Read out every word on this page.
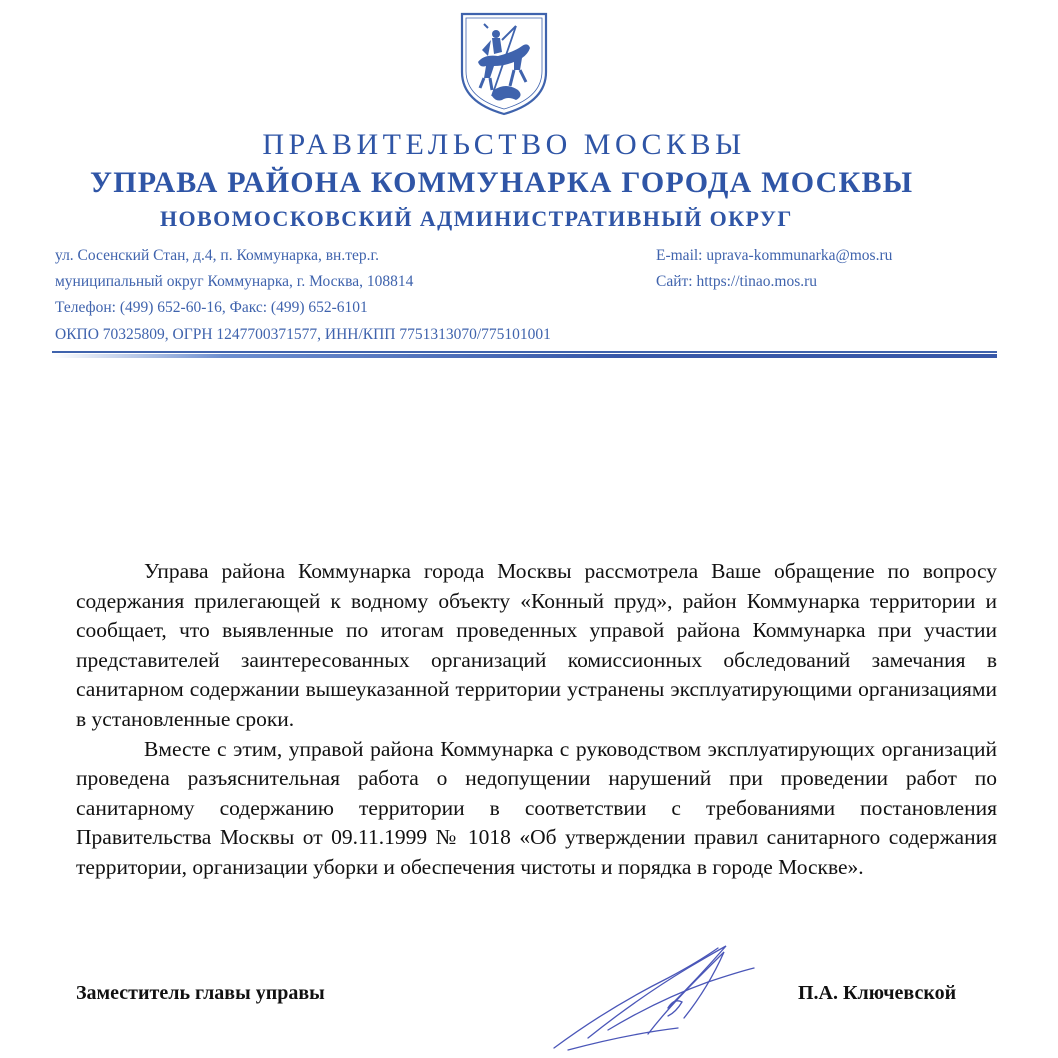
ПРАВИТЕЛЬСТВО МОСКВЫ
УПРАВА РАЙОНА КОММУНАРКА ГОРОДА МОСКВЫ
НОВОМОСКОВСКИЙ АДМИНИСТРАТИВНЫЙ ОКРУГ
ул. Сосенский Стан, д.4, п. Коммунарка, вн.тер.г.
муниципальный округ Коммунарка, г. Москва, 108814
Телефон: (499) 652-60-16, Факс: (499) 652-6101
ОКПО 70325809, ОГРН 1247700371577, ИНН/КПП 7751313070/775101001
E-mail: uprava-kommunarka@mos.ru
Сайт: https://tinao.mos.ru

Управа района Коммунарка города Москвы рассмотрела Ваше обращение по вопросу содержания прилегающей к водному объекту «Конный пруд», район Коммунарка территории и сообщает, что выявленные по итогам проведенных управой района Коммунарка при участии представителей заинтересованных организаций комиссионных обследований замечания в санитарном содержании вышеуказанной территории устранены эксплуатирующими организациями в установленные сроки.

Вместе с этим, управой района Коммунарка с руководством эксплуатирующих организаций проведена разъяснительная работа о недопущении нарушений при проведении работ по санитарному содержанию территории в соответствии с требованиями постановления Правительства Москвы от 09.11.1999 № 1018 «Об утверждении правил санитарного содержания территории, организации уборки и обеспечения чистоты и порядка в городе Москве».

Заместитель главы управы	П.А. Ключевской
